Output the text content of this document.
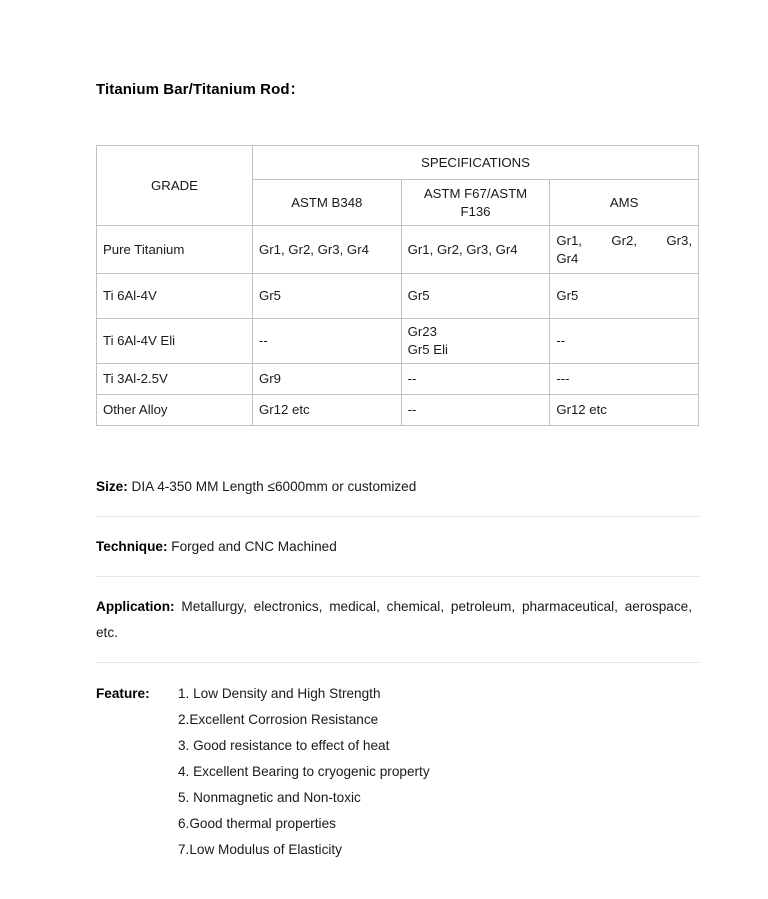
Titanium Bar/Titanium Rod：
GRADE	SPECIFICATIONS		
	ASTM B348	ASTM F67/ASTM F136	AMS
Pure Titanium	Gr1, Gr2, Gr3, Gr4	Gr1, Gr2, Gr3, Gr4	Gr1, Gr2, Gr3,
Gr4

Ti 6Al-4V	Gr5	Gr5	Gr5
Ti 6Al-4V Eli	--	Gr23
Gr5 Eli	--
Ti 3Al-2.5V	Gr9	--	---
Other Alloy	Gr12 etc	--	Gr12 etc
Size: DIA 4-350 MM Length ≤6000mm or customized
Technique: Forged and CNC Machined
Application: Metallurgy, electronics, medical, chemical, petroleum, pharmaceutical, aerospace, etc.
Feature:	1. Low Density and High Strength
2.Excellent Corrosion Resistance
3. Good resistance to effect of heat
4. Excellent Bearing to cryogenic property
5. Nonmagnetic and Non-toxic
6.Good thermal properties
7.Low Modulus of Elasticity
